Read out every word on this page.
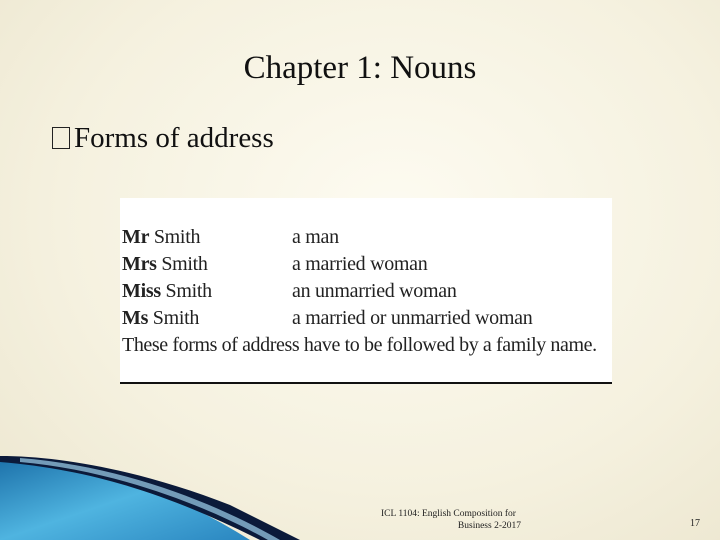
Chapter 1: Nouns
Forms of address
Mr Smith	a man
Mrs Smith	a married woman
Miss Smith	an unmarried woman
Ms Smith	a married or unmarried woman
These forms of address have to be followed by a family name.
ICL 1104: English Composition for
Business 2-2017	17
